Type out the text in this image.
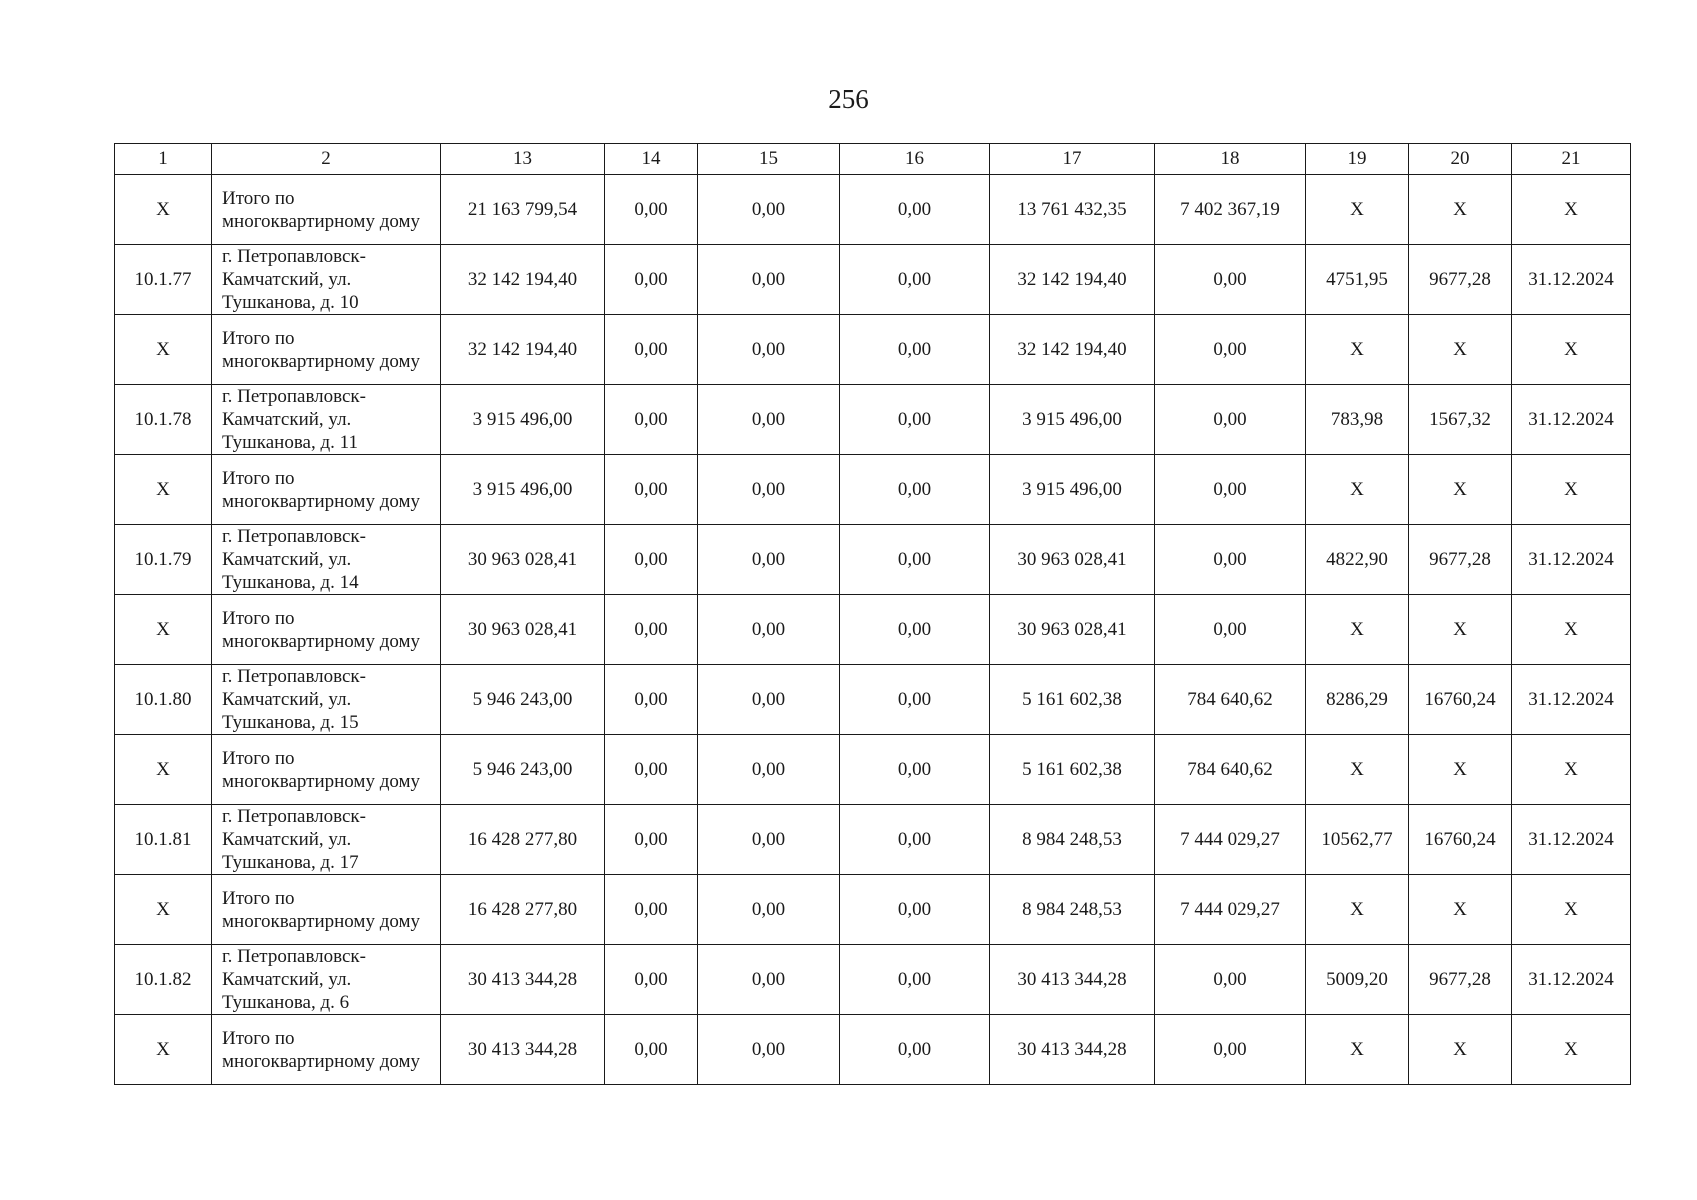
256
1	2	13	14	15	16	17	18	19	20	21
Х	Итого по многоквартирному дому	21 163 799,54	0,00	0,00	0,00	13 761 432,35	7 402 367,19	Х	Х	Х
10.1.77	г. Петропавловск-Камчатский, ул. Тушканова, д. 10	32 142 194,40	0,00	0,00	0,00	32 142 194,40	0,00	4751,95	9677,28	31.12.2024
Х	Итого по многоквартирному дому	32 142 194,40	0,00	0,00	0,00	32 142 194,40	0,00	Х	Х	Х
10.1.78	г. Петропавловск-Камчатский, ул. Тушканова, д. 11	3 915 496,00	0,00	0,00	0,00	3 915 496,00	0,00	783,98	1567,32	31.12.2024
Х	Итого по многоквартирному дому	3 915 496,00	0,00	0,00	0,00	3 915 496,00	0,00	Х	Х	Х
10.1.79	г. Петропавловск-Камчатский, ул. Тушканова, д. 14	30 963 028,41	0,00	0,00	0,00	30 963 028,41	0,00	4822,90	9677,28	31.12.2024
Х	Итого по многоквартирному дому	30 963 028,41	0,00	0,00	0,00	30 963 028,41	0,00	Х	Х	Х
10.1.80	г. Петропавловск-Камчатский, ул. Тушканова, д. 15	5 946 243,00	0,00	0,00	0,00	5 161 602,38	784 640,62	8286,29	16760,24	31.12.2024
Х	Итого по многоквартирному дому	5 946 243,00	0,00	0,00	0,00	5 161 602,38	784 640,62	Х	Х	Х
10.1.81	г. Петропавловск-Камчатский, ул. Тушканова, д. 17	16 428 277,80	0,00	0,00	0,00	8 984 248,53	7 444 029,27	10562,77	16760,24	31.12.2024
Х	Итого по многоквартирному дому	16 428 277,80	0,00	0,00	0,00	8 984 248,53	7 444 029,27	Х	Х	Х
10.1.82	г. Петропавловск-Камчатский, ул. Тушканова, д. 6	30 413 344,28	0,00	0,00	0,00	30 413 344,28	0,00	5009,20	9677,28	31.12.2024
Х	Итого по многоквартирному дому	30 413 344,28	0,00	0,00	0,00	30 413 344,28	0,00	Х	Х	Х
